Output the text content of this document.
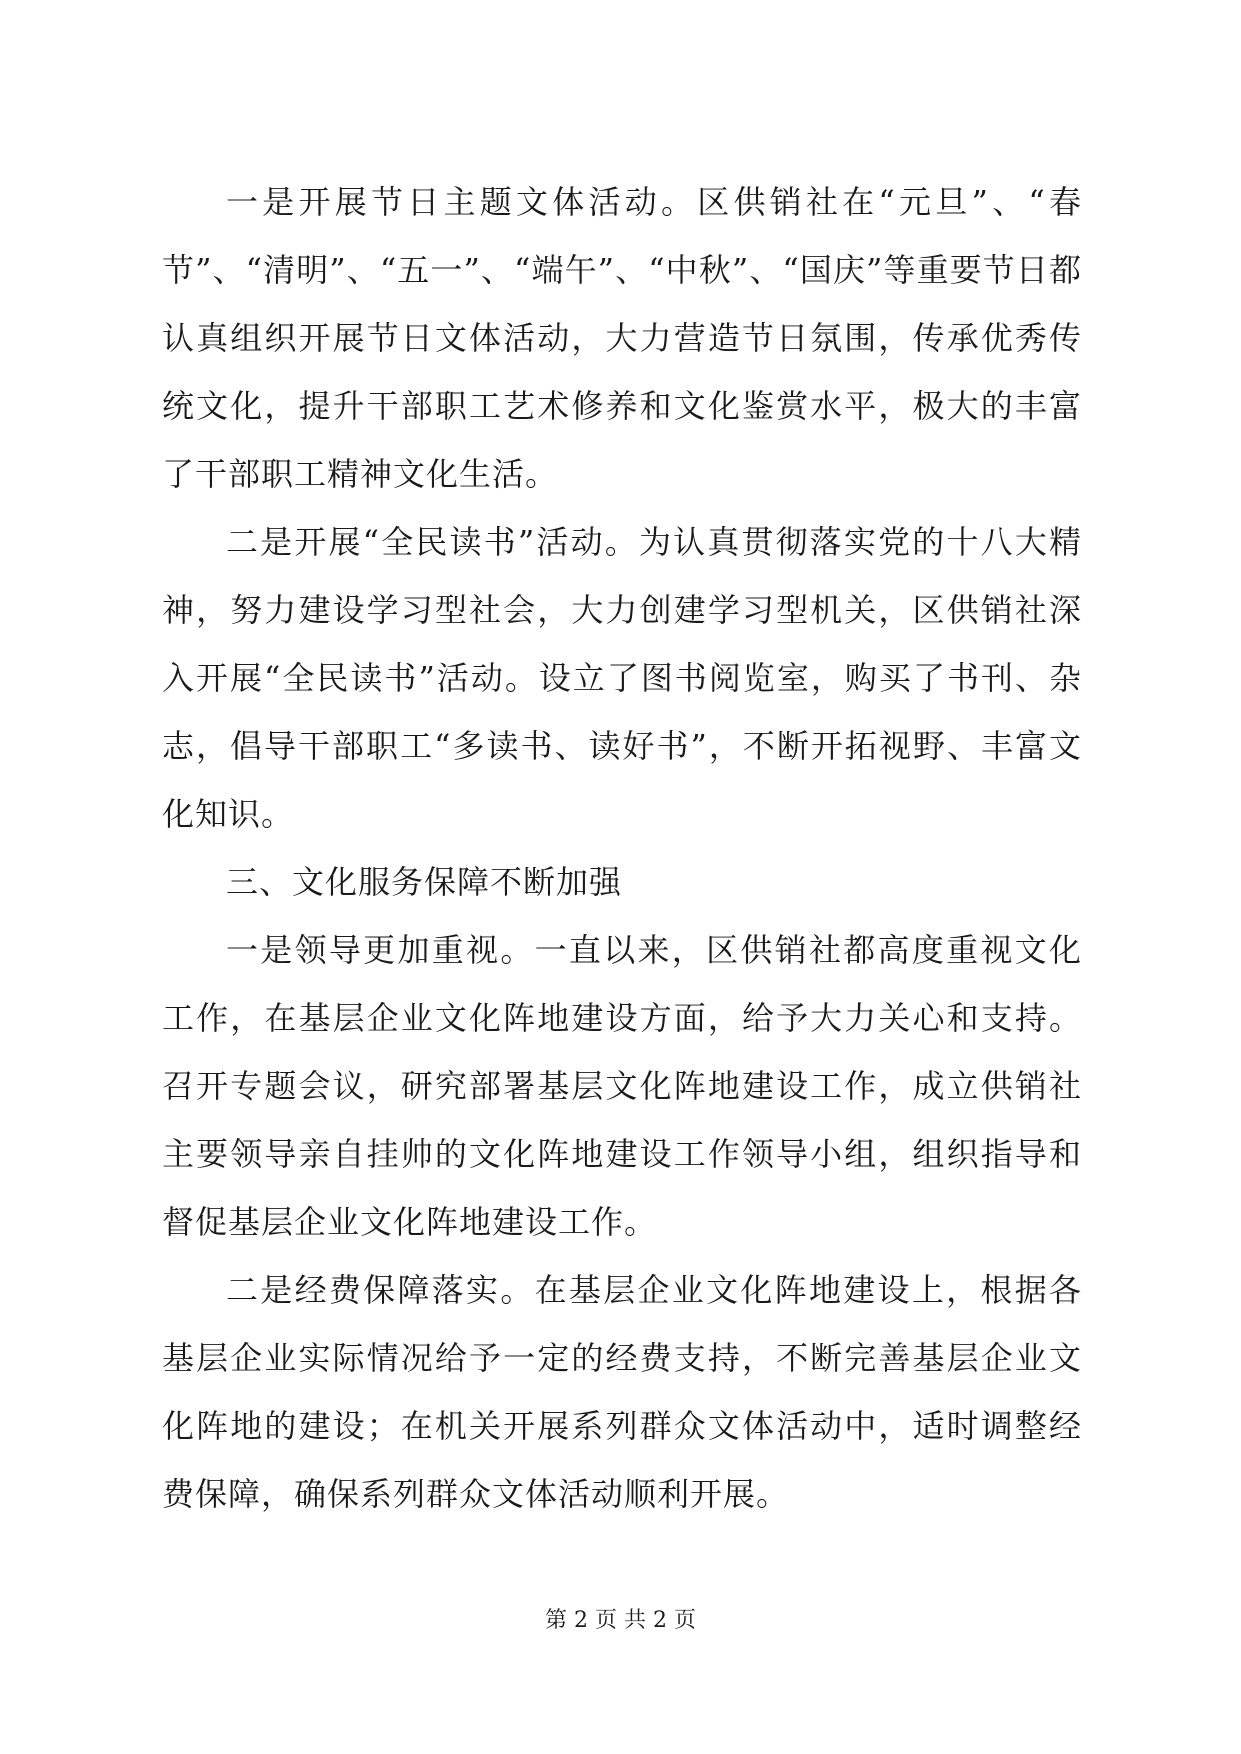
一是开展节日主题文体活动。区供销社在“元旦”、“春节”、“清明”、“五一”、“端午”、“中秋”、“国庆”等重要节日都认真组织开展节日文体活动，大力营造节日氛围，传承优秀传统文化，提升干部职工艺术修养和文化鉴赏水平，极大的丰富了干部职工精神文化生活。

二是开展“全民读书”活动。为认真贯彻落实党的十八大精神，努力建设学习型社会，大力创建学习型机关，区供销社深入开展“全民读书”活动。设立了图书阅览室，购买了书刊、杂志，倡导干部职工“多读书、读好书”，不断开拓视野、丰富文化知识。

三、文化服务保障不断加强

一是领导更加重视。一直以来，区供销社都高度重视文化工作，在基层企业文化阵地建设方面，给予大力关心和支持。召开专题会议，研究部署基层文化阵地建设工作，成立供销社主要领导亲自挂帅的文化阵地建设工作领导小组，组织指导和督促基层企业文化阵地建设工作。

二是经费保障落实。在基层企业文化阵地建设上，根据各基层企业实际情况给予一定的经费支持，不断完善基层企业文化阵地的建设；在机关开展系列群众文体活动中，适时调整经费保障，确保系列群众文体活动顺利开展。

第 2 页 共 2 页
